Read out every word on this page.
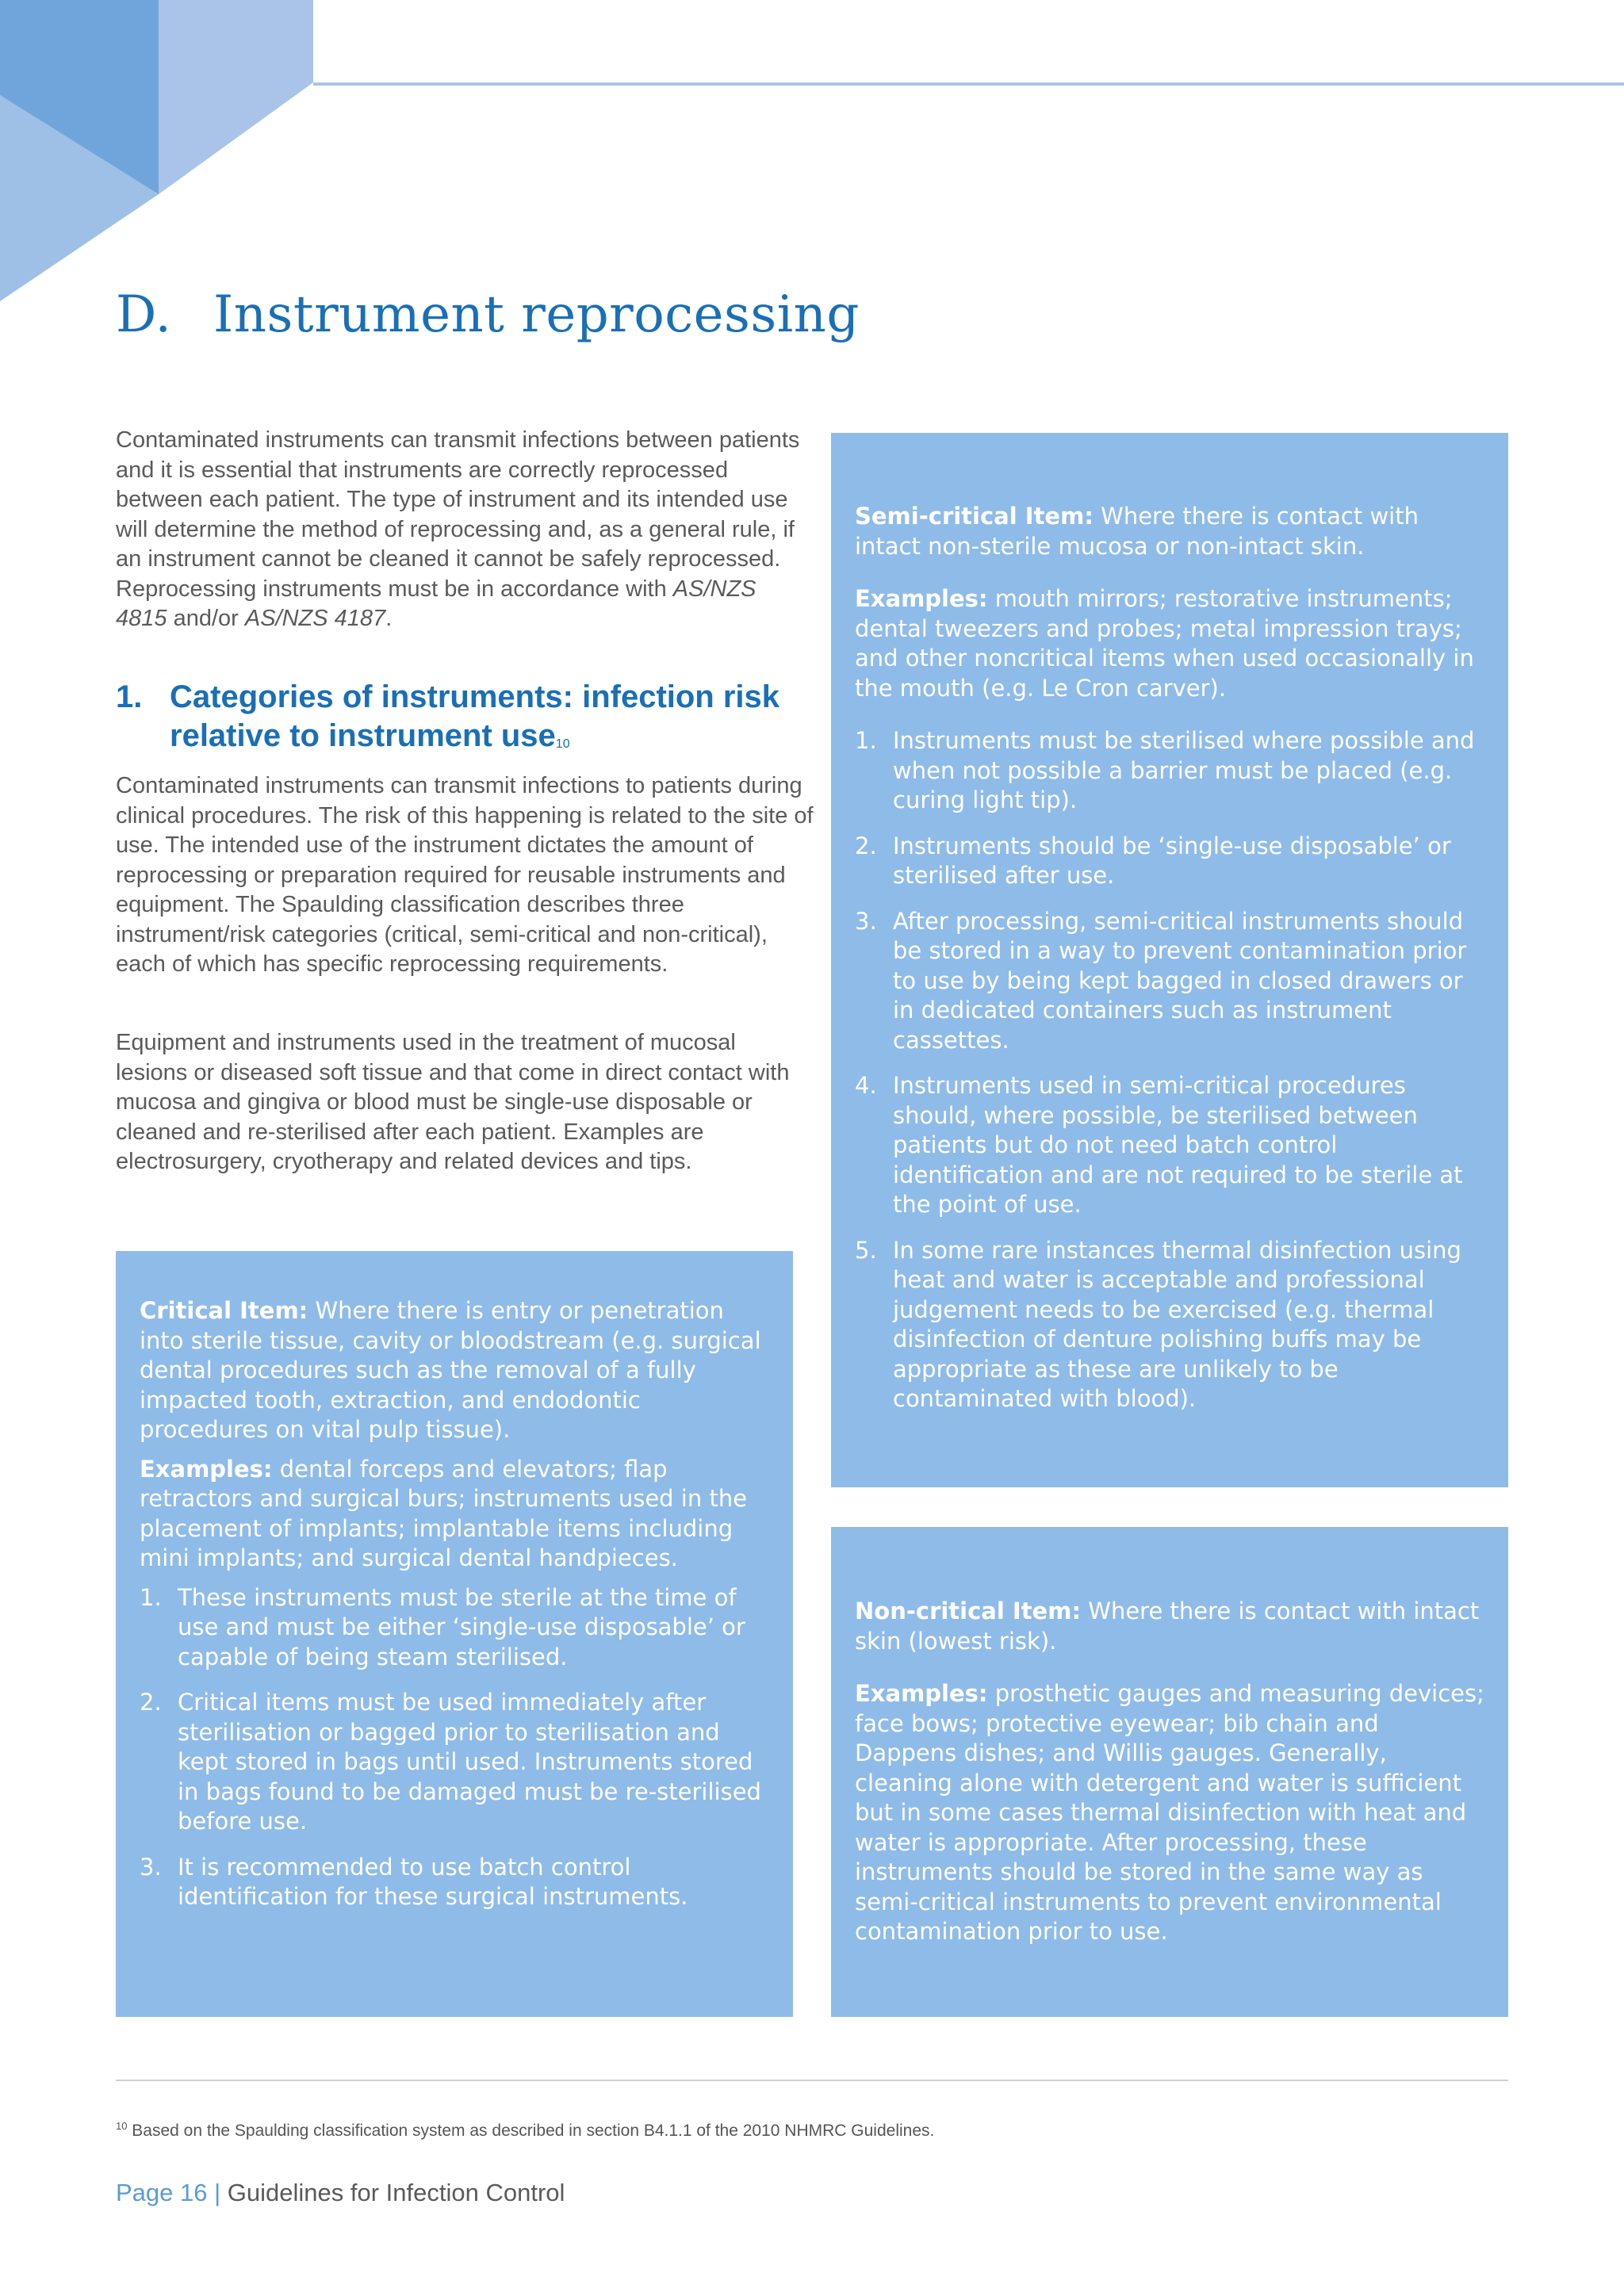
D. Instrument reprocessing

Contaminated instruments can transmit infections between patients and it is essential that instruments are correctly reprocessed between each patient. The type of instrument and its intended use will determine the method of reprocessing and, as a general rule, if an instrument cannot be cleaned it cannot be safely reprocessed. Reprocessing instruments must be in accordance with AS/NZS 4815 and/or AS/NZS 4187.

1. Categories of instruments: infection risk relative to instrument use$^{10}$

Contaminated instruments can transmit infections to patients during clinical procedures. The risk of this happening is related to the site of use. The intended use of the instrument dictates the amount of reprocessing or preparation required for reusable instruments and equipment. The Spaulding classification describes three instrument/risk categories (critical, semi-critical and non-critical), each of which has specific reprocessing requirements.

Equipment and instruments used in the treatment of mucosal lesions or diseased soft tissue and that come in direct contact with mucosa and gingiva or blood must be single-use disposable or cleaned and re-sterilised after each patient. Examples are electrosurgery, cryotherapy and related devices and tips.

Critical Item: Where there is entry or penetration into sterile tissue, cavity or bloodstream (e.g. surgical dental procedures such as the removal of a fully impacted tooth, extraction, and endodontic procedures on vital pulp tissue).

Examples: dental forceps and elevators; flap retractors and surgical burs; instruments used in the placement of implants; implantable items including mini implants; and surgical dental handpieces.

1. These instruments must be sterile at the time of use and must be either ‘single-use disposable’ or capable of being steam sterilised.
2. Critical items must be used immediately after sterilisation or bagged prior to sterilisation and kept stored in bags until used. Instruments stored in bags found to be damaged must be re-sterilised before use.
3. It is recommended to use batch control identification for these surgical instruments.

Semi-critical Item: Where there is contact with intact non-sterile mucosa or non-intact skin.

Examples: mouth mirrors; restorative instruments; dental tweezers and probes; metal impression trays; and other noncritical items when used occasionally in the mouth (e.g. Le Cron carver).

1. Instruments must be sterilised where possible and when not possible a barrier must be placed (e.g. curing light tip).
2. Instruments should be ‘single-use disposable’ or sterilised after use.
3. After processing, semi-critical instruments should be stored in a way to prevent contamination prior to use by being kept bagged in closed drawers or in dedicated containers such as instrument cassettes.
4. Instruments used in semi-critical procedures should, where possible, be sterilised between patients but do not need batch control identification and are not required to be sterile at the point of use.
5. In some rare instances thermal disinfection using heat and water is acceptable and professional judgement needs to be exercised (e.g. thermal disinfection of denture polishing buffs may be appropriate as these are unlikely to be contaminated with blood).

Non-critical Item: Where there is contact with intact skin (lowest risk).

Examples: prosthetic gauges and measuring devices; face bows; protective eyewear; bib chain and Dappens dishes; and Willis gauges. Generally, cleaning alone with detergent and water is sufficient but in some cases thermal disinfection with heat and water is appropriate. After processing, these instruments should be stored in the same way as semi-critical instruments to prevent environmental contamination prior to use.

$^{10}$ Based on the Spaulding classification system as described in section B4.1.1 of the 2010 NHMRC Guidelines.

Page 16 | Guidelines for Infection Control
